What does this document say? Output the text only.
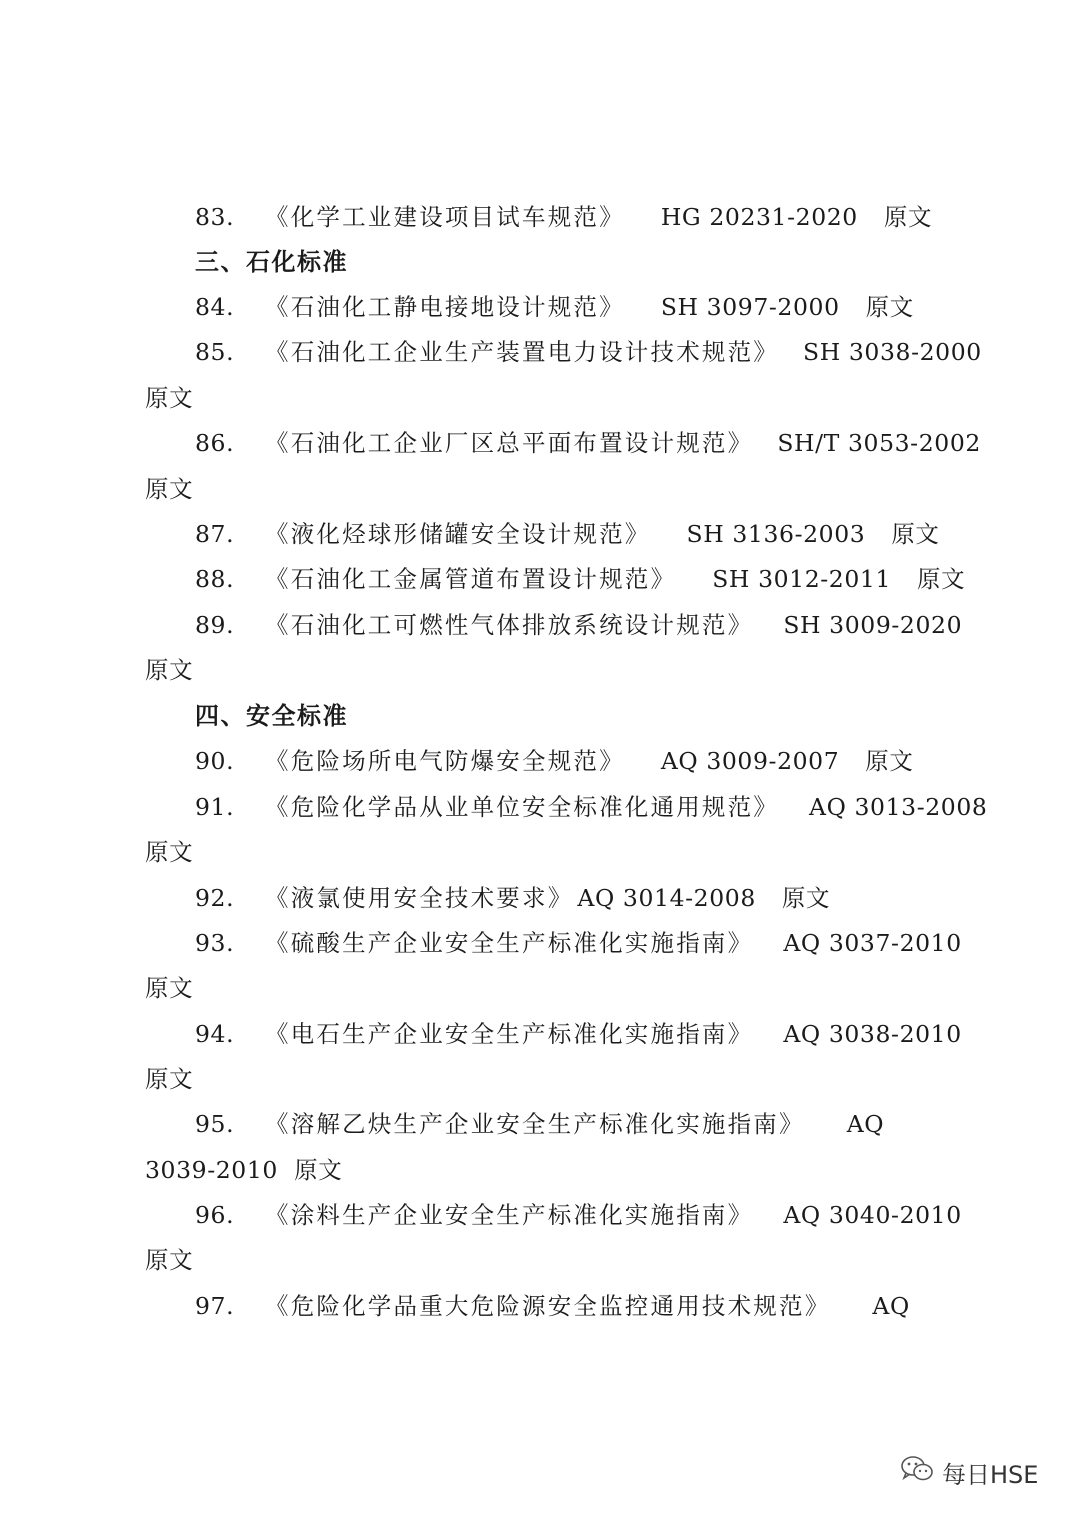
83.	《化学工业建设项目试车规范》 HG 20231-2020 原文
三、石化标准
84.	《石油化工静电接地设计规范》 SH 3097-2000 原文
85.	《石油化工企业生产装置电力设计技术规范》 SH 3038-2000
原文
86.	《石油化工企业厂区总平面布置设计规范》 SH/T 3053-2002
原文
87.	《液化烃球形储罐安全设计规范》 SH 3136-2003 原文
88.	《石油化工金属管道布置设计规范》 SH 3012-2011 原文
89.	《石油化工可燃性气体排放系统设计规范》 SH 3009-2020
原文
四、安全标准
90.	《危险场所电气防爆安全规范》 AQ 3009-2007 原文
91.	《危险化学品从业单位安全标准化通用规范》 AQ 3013-2008
原文
92.	《液氯使用安全技术要求》 AQ 3014-2008 原文
93.	《硫酸生产企业安全生产标准化实施指南》 AQ 3037-2010
原文
94.	《电石生产企业安全生产标准化实施指南》 AQ 3038-2010
原文
95.	《溶解乙炔生产企业安全生产标准化实施指南》 AQ
3039-2010  原文
96.	《涂料生产企业安全生产标准化实施指南》 AQ 3040-2010
原文
97.	《危险化学品重大危险源安全监控通用技术规范》 AQ
每日HSE
